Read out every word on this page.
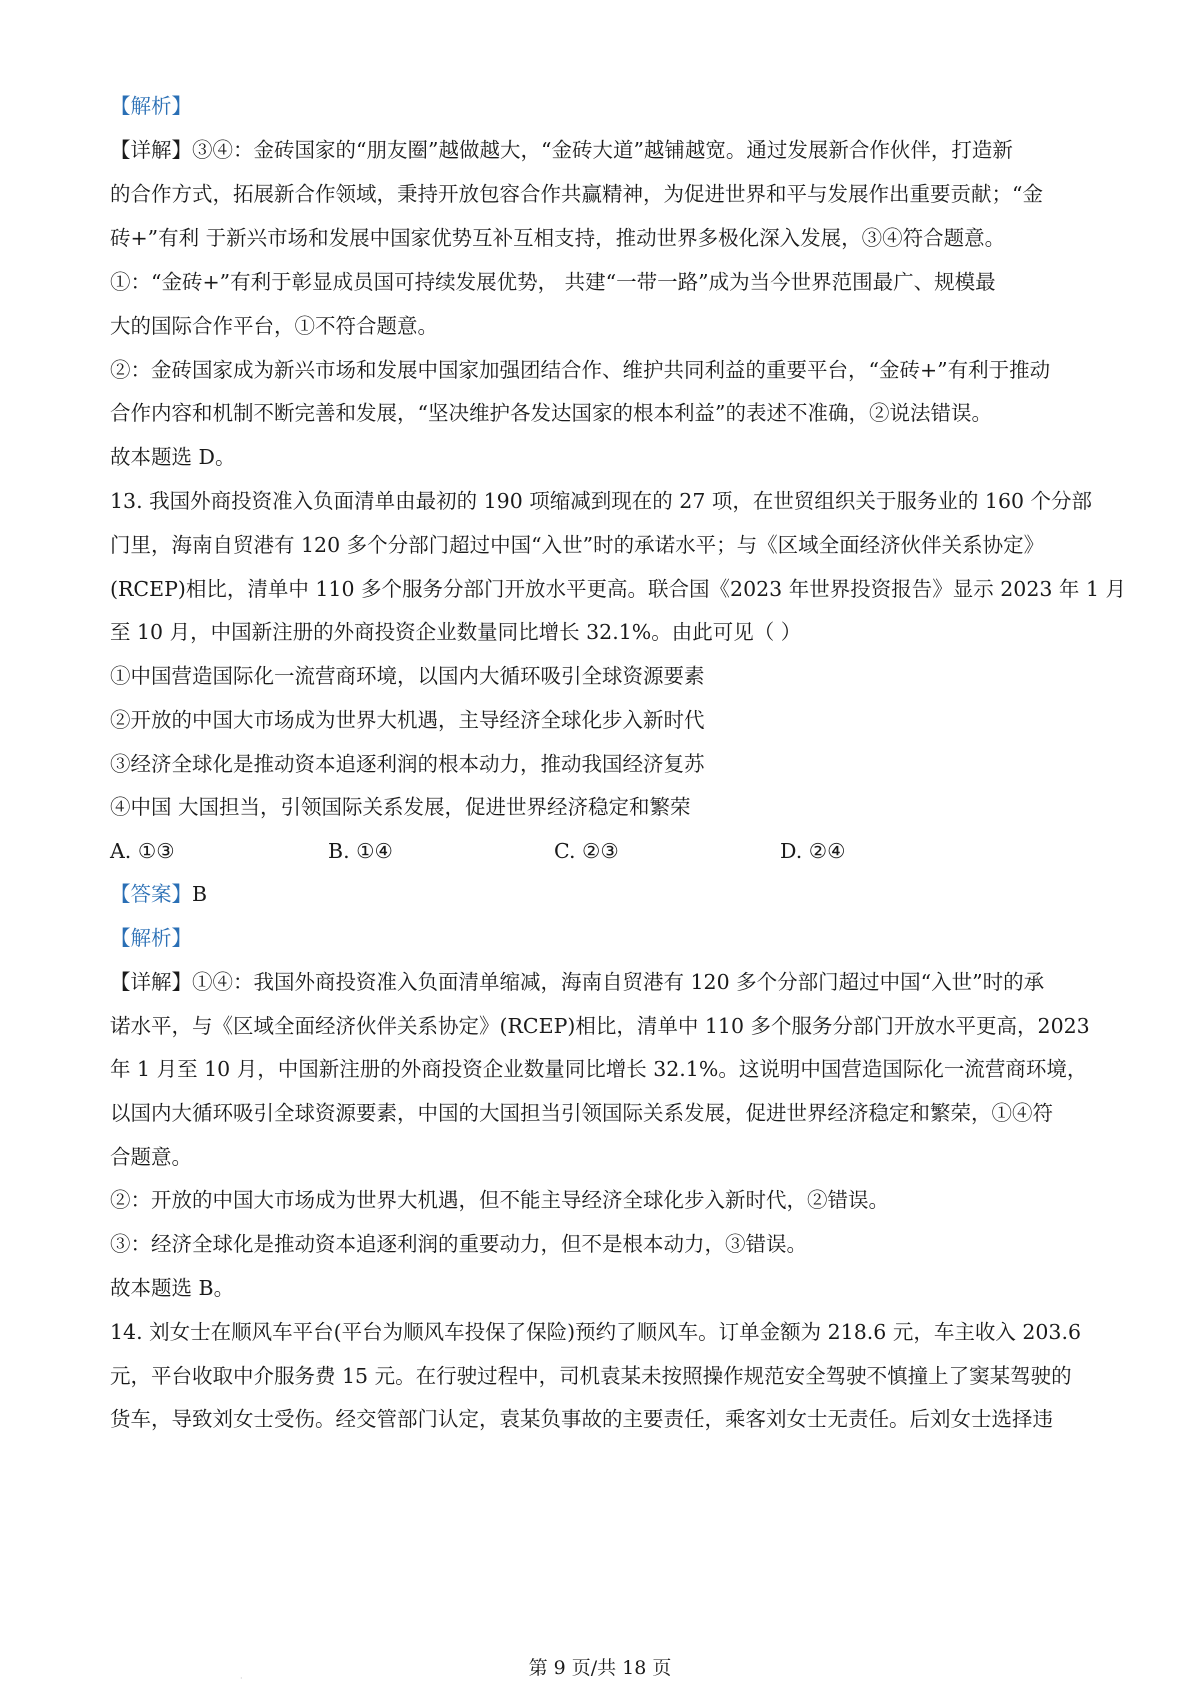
【解析】
【详解】③④：金砖国家的“朋友圈”越做越大，“金砖大道”越铺越宽。通过发展新合作伙伴，打造新
的合作方式，拓展新合作领域，秉持开放包容合作共赢精神，为促进世界和平与发展作出重要贡献；“金
砖+”有利 于新兴市场和发展中国家优势互补互相支持，推动世界多极化深入发展，③④符合题意。
①：“金砖+”有利于彰显成员国可持续发展优势， 共建“一带一路”成为当今世界范围最广、规模最
大的国际合作平台，①不符合题意。
②：金砖国家成为新兴市场和发展中国家加强团结合作、维护共同利益的重要平台，“金砖+”有利于推动
合作内容和机制不断完善和发展，“坚决维护各发达国家的根本利益”的表述不准确，②说法错误。
故本题选 D。
13. 我国外商投资准入负面清单由最初的 190 项缩减到现在的 27 项，在世贸组织关于服务业的 160 个分部
门里，海南自贸港有 120 多个分部门超过中国“入世”时的承诺水平；与《区域全面经济伙伴关系协定》
(RCEP)相比，清单中 110 多个服务分部门开放水平更高。联合国《2023 年世界投资报告》显示 2023 年 1 月
至 10 月，中国新注册的外商投资企业数量同比增长 32.1%。由此可见（ ）
①中国营造国际化一流营商环境，以国内大循环吸引全球资源要素
②开放的中国大市场成为世界大机遇，主导经济全球化步入新时代
③经济全球化是推动资本追逐利润的根本动力，推动我国经济复苏
④中国 大国担当，引领国际关系发展，促进世界经济稳定和繁荣
A. ①③	B. ①④	C. ②③	D. ②④
【答案】B
【解析】
【详解】①④：我国外商投资准入负面清单缩减，海南自贸港有 120 多个分部门超过中国“入世”时的承
诺水平，与《区域全面经济伙伴关系协定》(RCEP)相比，清单中 110 多个服务分部门开放水平更高，2023
年 1 月至 10 月，中国新注册的外商投资企业数量同比增长 32.1%。这说明中国营造国际化一流营商环境，
以国内大循环吸引全球资源要素，中国的大国担当引领国际关系发展，促进世界经济稳定和繁荣，①④符
合题意。
②：开放的中国大市场成为世界大机遇，但不能主导经济全球化步入新时代，②错误。
③：经济全球化是推动资本追逐利润的重要动力，但不是根本动力，③错误。
故本题选 B。
14. 刘女士在顺风车平台(平台为顺风车投保了保险)预约了顺风车。订单金额为 218.6 元，车主收入 203.6
元，平台收取中介服务费 15 元。在行驶过程中，司机袁某未按照操作规范安全驾驶不慎撞上了窦某驾驶的
货车，导致刘女士受伤。经交管部门认定，袁某负事故的主要责任，乘客刘女士无责任。后刘女士选择违
·	第 9 页/共 18 页
